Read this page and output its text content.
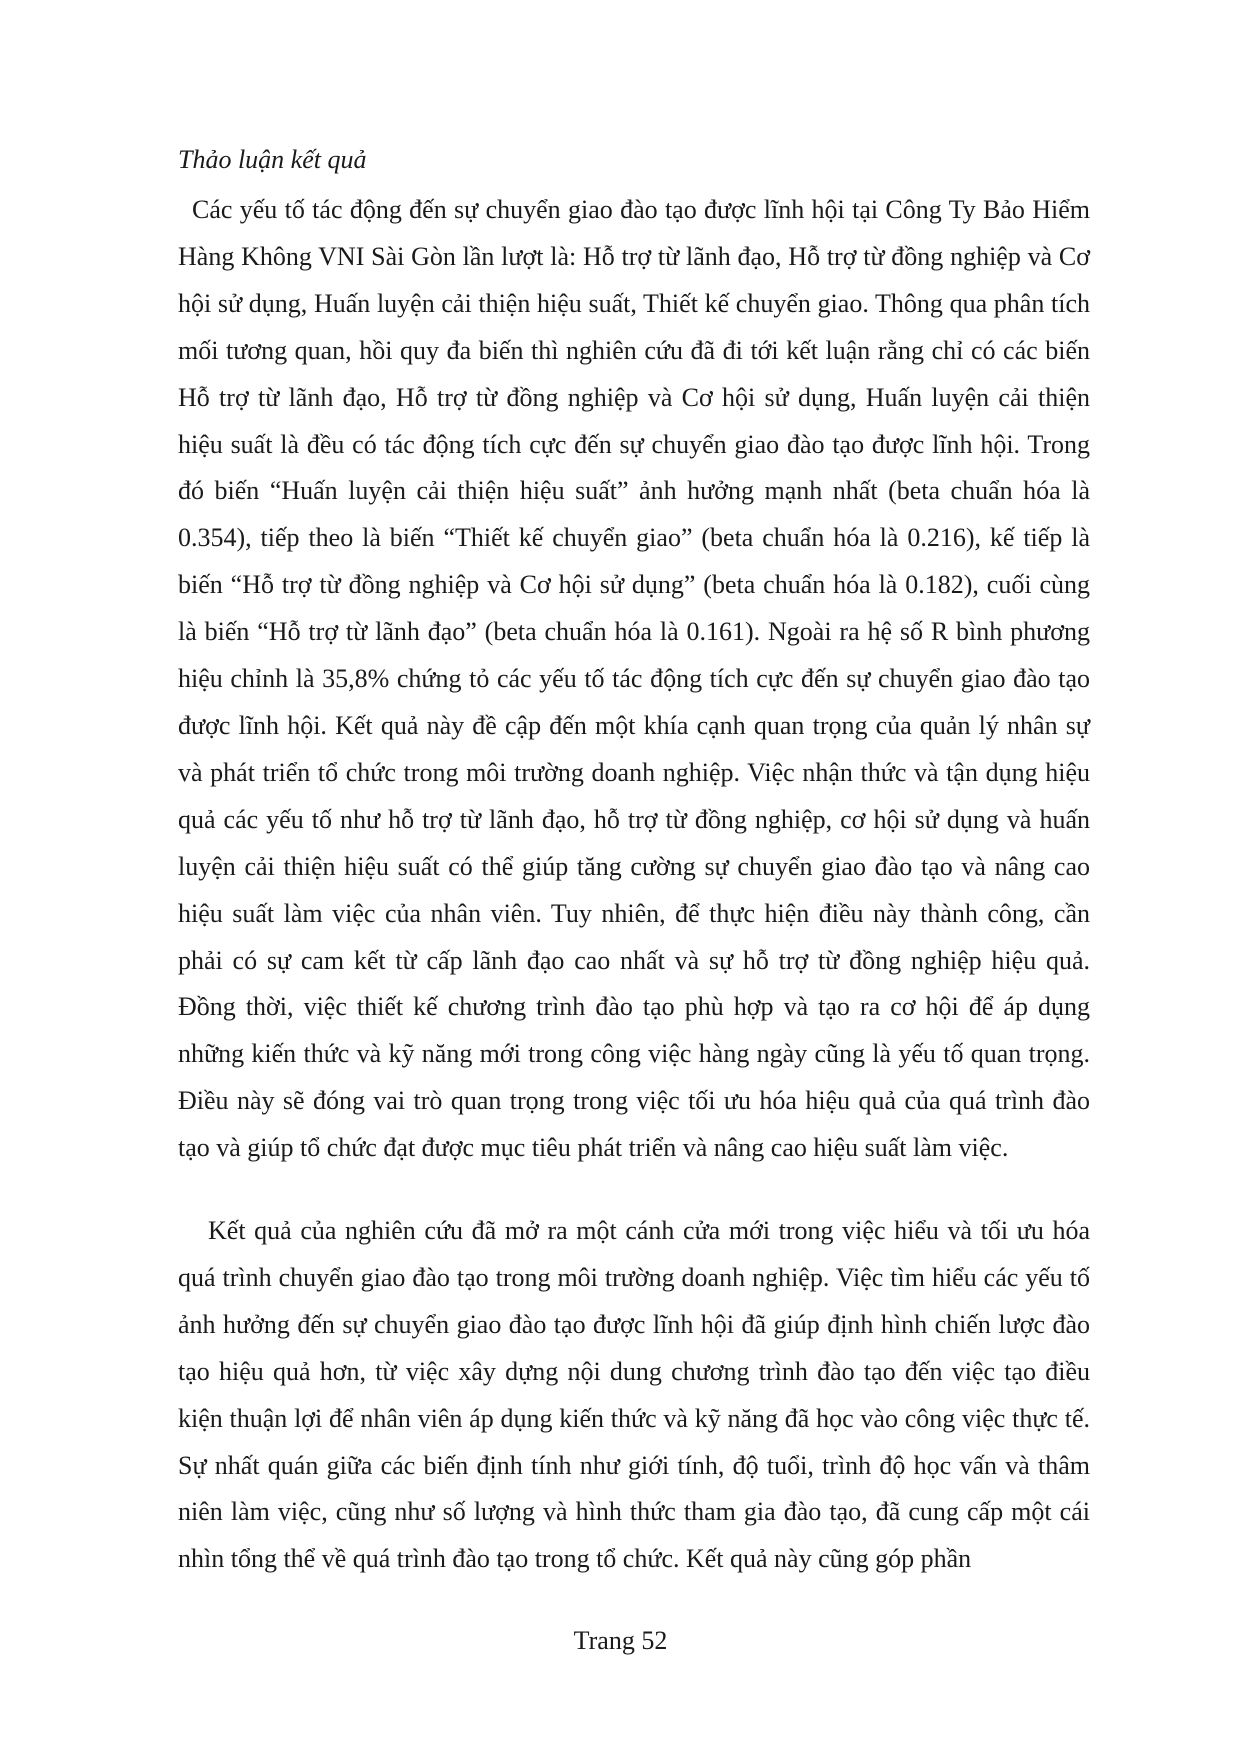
Thảo luận kết quả

Các yếu tố tác động đến sự chuyển giao đào tạo được lĩnh hội tại Công Ty Bảo Hiểm Hàng Không VNI Sài Gòn lần lượt là: Hỗ trợ từ lãnh đạo, Hỗ trợ từ đồng nghiệp và Cơ hội sử dụng, Huấn luyện cải thiện hiệu suất, Thiết kế chuyển giao. Thông qua phân tích mối tương quan, hồi quy đa biến thì nghiên cứu đã đi tới kết luận rằng chỉ có các biến Hỗ trợ từ lãnh đạo, Hỗ trợ từ đồng nghiệp và Cơ hội sử dụng, Huấn luyện cải thiện hiệu suất là đều có tác động tích cực đến sự chuyển giao đào tạo được lĩnh hội. Trong đó biến “Huấn luyện cải thiện hiệu suất” ảnh hưởng mạnh nhất (beta chuẩn hóa là 0.354), tiếp theo là biến “Thiết kế chuyển giao” (beta chuẩn hóa là 0.216), kế tiếp là biến “Hỗ trợ từ đồng nghiệp và Cơ hội sử dụng” (beta chuẩn hóa là 0.182), cuối cùng là biến “Hỗ trợ từ lãnh đạo” (beta chuẩn hóa là 0.161). Ngoài ra hệ số R bình phương hiệu chỉnh là 35,8% chứng tỏ các yếu tố tác động tích cực đến sự chuyển giao đào tạo được lĩnh hội. Kết quả này đề cập đến một khía cạnh quan trọng của quản lý nhân sự và phát triển tổ chức trong môi trường doanh nghiệp. Việc nhận thức và tận dụng hiệu quả các yếu tố như hỗ trợ từ lãnh đạo, hỗ trợ từ đồng nghiệp, cơ hội sử dụng và huấn luyện cải thiện hiệu suất có thể giúp tăng cường sự chuyển giao đào tạo và nâng cao hiệu suất làm việc của nhân viên. Tuy nhiên, để thực hiện điều này thành công, cần phải có sự cam kết từ cấp lãnh đạo cao nhất và sự hỗ trợ từ đồng nghiệp hiệu quả. Đồng thời, việc thiết kế chương trình đào tạo phù hợp và tạo ra cơ hội để áp dụng những kiến thức và kỹ năng mới trong công việc hàng ngày cũng là yếu tố quan trọng. Điều này sẽ đóng vai trò quan trọng trong việc tối ưu hóa hiệu quả của quá trình đào tạo và giúp tổ chức đạt được mục tiêu phát triển và nâng cao hiệu suất làm việc.

Kết quả của nghiên cứu đã mở ra một cánh cửa mới trong việc hiểu và tối ưu hóa quá trình chuyển giao đào tạo trong môi trường doanh nghiệp. Việc tìm hiểu các yếu tố ảnh hưởng đến sự chuyển giao đào tạo được lĩnh hội đã giúp định hình chiến lược đào tạo hiệu quả hơn, từ việc xây dựng nội dung chương trình đào tạo đến việc tạo điều kiện thuận lợi để nhân viên áp dụng kiến thức và kỹ năng đã học vào công việc thực tế. Sự nhất quán giữa các biến định tính như giới tính, độ tuổi, trình độ học vấn và thâm niên làm việc, cũng như số lượng và hình thức tham gia đào tạo, đã cung cấp một cái nhìn tổng thể về quá trình đào tạo trong tổ chức. Kết quả này cũng góp phần

Trang 52
